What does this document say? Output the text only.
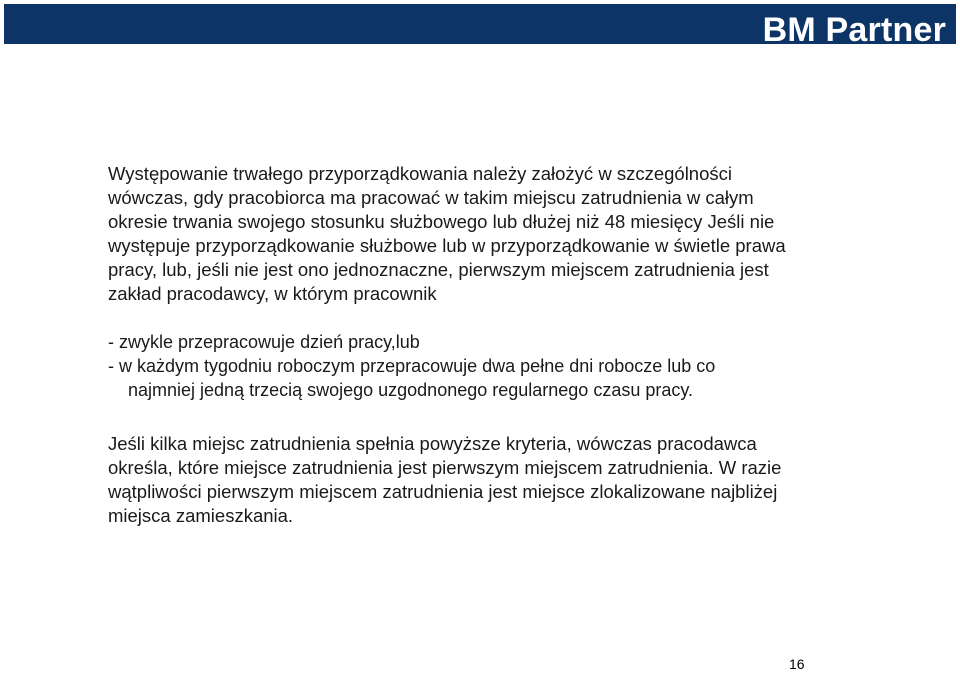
BM Partner

Występowanie trwałego przyporządkowania należy założyć w szczególności

wówczas, gdy pracobiorca ma pracować w takim miejscu zatrudnienia w całym

okresie trwania swojego stosunku służbowego lub dłużej niż 48 miesięcy Jeśli nie

występuje przyporządkowanie służbowe lub w przyporządkowanie w świetle prawa

pracy, lub, jeśli nie jest ono jednoznaczne, pierwszym miejscem zatrudnienia jest

zakład pracodawcy, w którym pracownik

- zwykle przepracowuje dzień pracy,lub

- w każdym tygodniu roboczym przepracowuje dwa pełne dni robocze lub co

najmniej jedną trzecią swojego uzgodnonego regularnego czasu pracy.

Jeśli kilka miejsc zatrudnienia spełnia powyższe kryteria, wówczas pracodawca

określa, które miejsce zatrudnienia jest pierwszym miejscem zatrudnienia. W razie

wątpliwości pierwszym miejscem zatrudnienia jest miejsce zlokalizowane najbliżej

miejsca zamieszkania.

16
